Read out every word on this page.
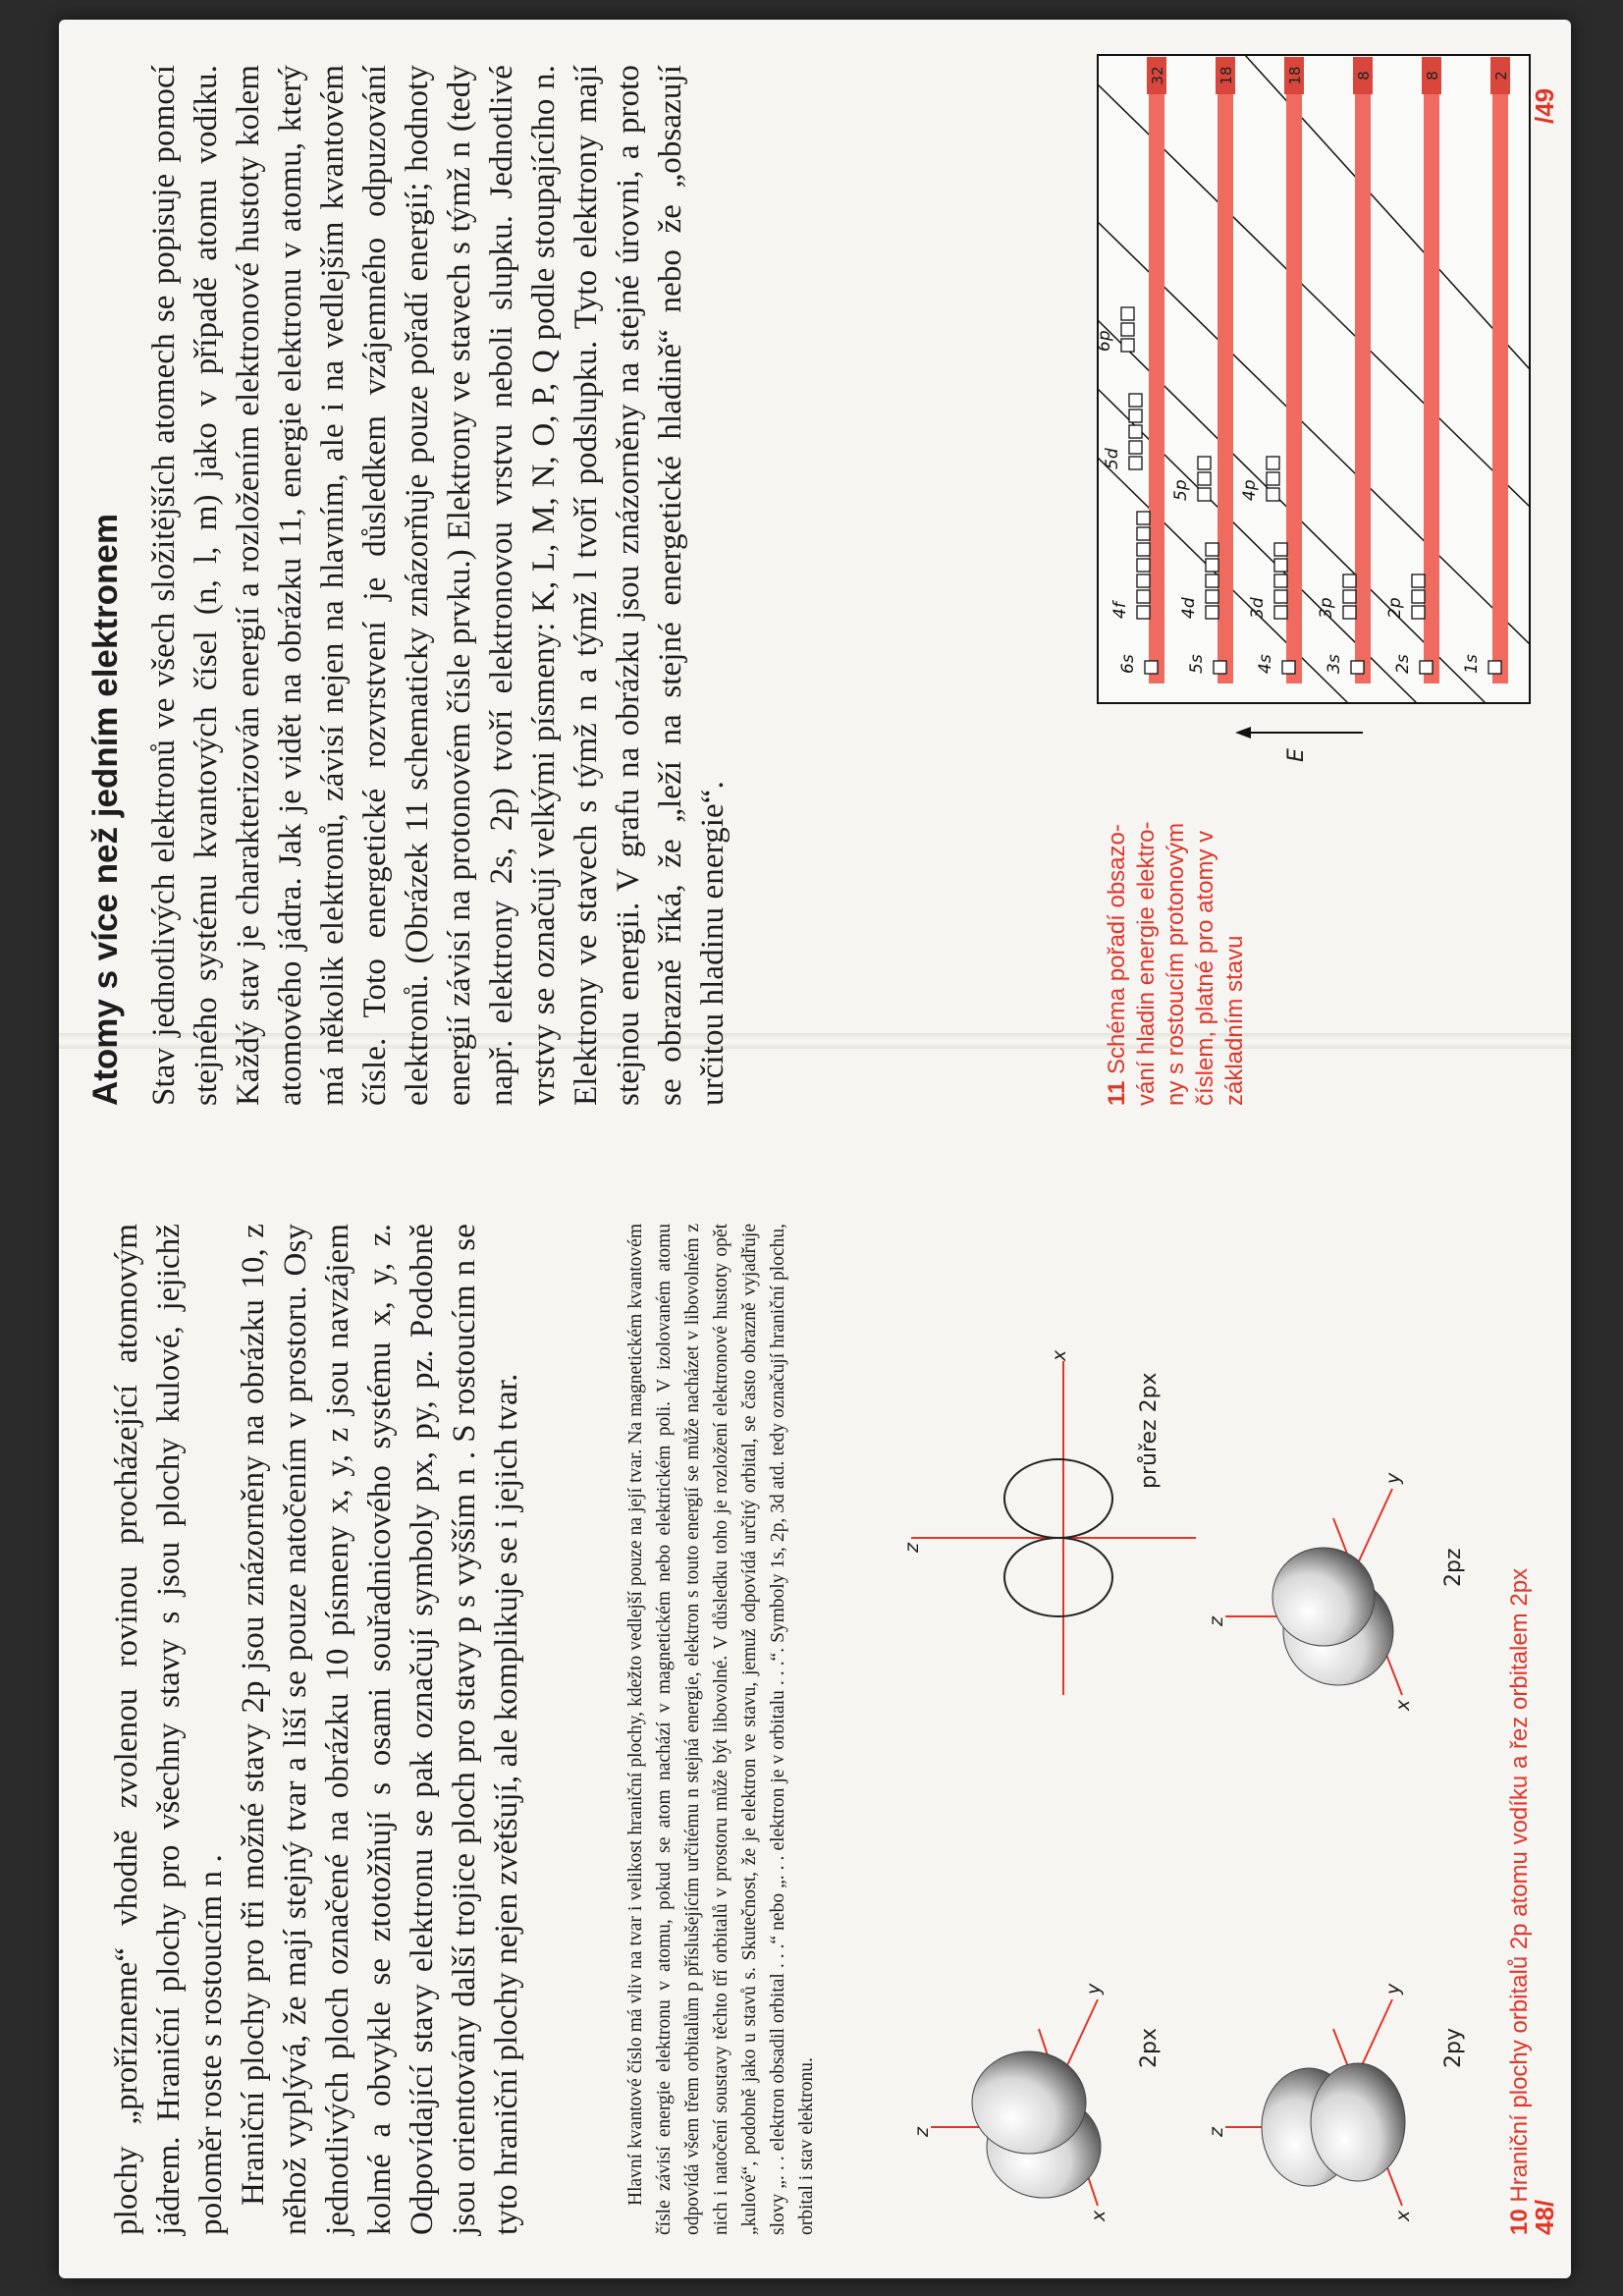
plochy „prořízneme“ vhodně zvolenou rovinou procházející atomovým jádrem. Hraniční plochy pro všechny stavy s jsou plochy kulové, jejichž poloměr roste s rostoucím n . Hraniční plochy pro tři možné stavy 2p jsou znázorněny na obrázku 10, z něhož vyplývá, že mají stejný tvar a liší se pouze natočením v prostoru. Osy jednotlivých ploch označené na obrázku 10 písmeny x, y, z jsou navzájem kolmé a obvykle se ztotožňují s osami souřadnicového systému x, y, z. Odpovídající stavy elektronu se pak označují symboly px, py, pz. Podobně jsou orientovány další trojice ploch pro stavy p s vyšším n . S rostoucím n se tyto hraniční plochy nejen zvětšují, ale komplikuje se i jejich tvar.	Hlavní kvantové číslo má vliv na tvar i velikost hraniční plochy, kdežto vedlejší pouze na její tvar. Na magnetickém kvantovém čísle závisí energie elektronu v atomu, pokud se atom nachází v magnetickém nebo elektrickém poli. V izolovaném atomu odpovídá všem třem orbitalům p příslušejícím určitému n stejná energie, elektron s touto energií se může nacházet v libovolném z nich i natočení soustavy těchto tří orbitalů v prostoru může být libovolné. V důsledku toho je rozložení elektronové hustoty opět „kulové“, podobně jako u stavů s. Skutečnost, že je elektron ve stavu, jemuž odpovídá určitý orbital, se často obrazně vyjadřuje slovy „. . . elektron obsadil orbital . . .“ nebo „. . . elektron je v orbitalu . . .“. Symboly 1s, 2p, 3d atd. tedy označují hraniční plochu, orbital i stav elektronu.	z
x
y
2px
z
x
y
2py
z
x
y
2pz
z
x
průřez 2px

10 Hraniční plochy orbitalů 2p atomu vodíku a řez orbitalem 2px

48/
Atomy s více než jedním elektronem Stav jednotlivých elektronů ve všech složitějších atomech se popisuje pomocí stejného systému kvantových čísel (n, l, m) jako v případě atomu vodíku. Každý stav je charakterizován energií a rozložením elektronové hustoty kolem atomového jádra. Jak je vidět na obrázku 11, energie elektronu v atomu, který má několik elektronů, závisí nejen na hlavním, ale i na vedlejším kvantovém čísle. Toto energetické rozvrstvení je důsledkem vzájemného odpuzování elektronů. (Obrázek 11 schematicky znázorňuje pouze pořadí energií; hodnoty energií závisí na protonovém čísle prvku.) Elektrony ve stavech s týmž n (tedy např. elektrony 2s, 2p) tvoří elektronovou vrstvu neboli slupku. Jednotlivé vrstvy se označují velkými písmeny: K, L, M, N, O, P, Q podle stoupajícího n. Elektrony ve stavech s týmž n a týmž l tvoří podslupku. Tyto elektrony mají stejnou energii. V grafu na obrázku jsou znázorněny na stejné úrovni, a proto se obrazně říká, že „leží na stejné energetické hladině“ nebo že „obsazují určitou hladinu energie“.	11 Schéma pořadí obsazování hladin energie elektrony s rostoucím protonovým číslem, platné pro atomy v základním stavu

E
2
1s
8
2s
2p
8
3s
3p
18
4s
3d
4p
18
5s
4d
5p
32
6s
4f
5d
6p
/49
